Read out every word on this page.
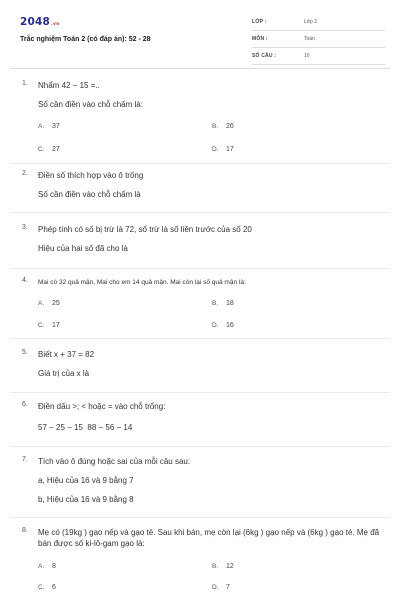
2048.vn
Trắc nghiệm Toán 2 (có đáp án): 52 - 28
LỚP :	Lớp 2
MÔN :	Toán
SỐ CÂU :	10
1. Nhẩm 42 − 15 =..
Số cần điền vào chỗ chấm là:
A. 37	B. 26
C. 27	D. 17
2. Điền số thích hợp vào ô trống
Số cần điền vào chỗ chấm là
3. Phép tính có số bị trừ là 72, số trừ là số liền trước của số 20
Hiệu của hai số đã cho là
4. Mai có 32 quả mận, Mai cho em 14 quả mận. Mai còn lại số quả mận là:
A. 25	B. 18
C. 17	D. 16
5. Biết x + 37 = 82
Giá trị của x là
6. Điền dấu >; < hoặc = vào chỗ trống:
57 − 25 − 15  88 − 56 − 14
7. Tích vào ô đúng hoặc sai của mỗi câu sau:
a, Hiệu của 16 và 9 bằng 7
b, Hiệu của 16 và 9 bằng 8
8. Mẹ có (19kg ) gạo nếp và gạo tẻ. Sau khi bán, mẹ còn lại (6kg ) gạo nếp và (6kg ) gạo tẻ. Mẹ đã bán được số ki-lô-gam gạo là:
A. 8	B. 12
C. 6	D. 7
